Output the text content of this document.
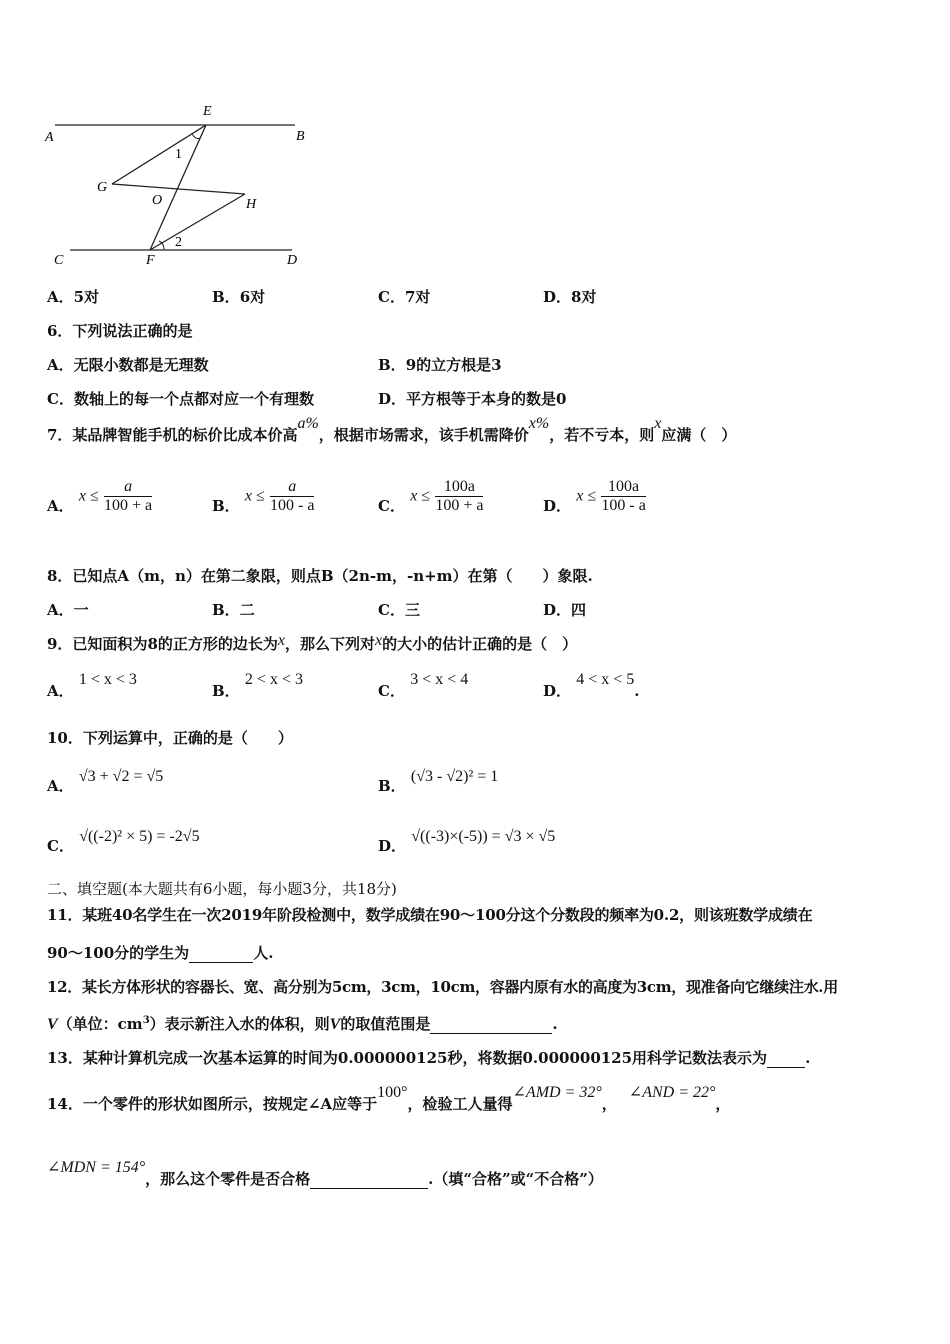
A	B
E
1
G
O	H
2
C	F	D
A．5对	B．6对	C．7对	D．8对
6．下列说法正确的是
A．无限小数都是无理数	B．9的立方根是3
C．数轴上的每一个点都对应一个有理数	D．平方根等于本身的数是0
7．某品牌智能手机的标价比成本价高a%，根据市场需求，该手机需降价x%，若不亏本，则x应满（　）
A． $x \le \frac{a}{100 + a}$	B． $x \le \frac{a}{100 - a}$	C． $x \le \frac{100a}{100 + a}$	D． $x \le \frac{100a}{100 - a}$
8．已知点A（m，n）在第二象限，则点B（2n-m，-n+m）在第（　　）象限.
A．一	B．二	C．三	D．四
9．已知面积为8的正方形的边长为x，那么下列对x的大小的估计正确的是（　）
A． 1 < x < 3
B． 2 < x < 3
C． 3 < x < 4
D． 4 < x < 5.
10．下列运算中，正确的是（　　）
A． √3 + √2 = √5
B． (√3 - √2)² = 1
C． √((-2)² × 5) = -2√5
D． √((-3)×(-5)) = √3 × √5
二、填空题(本大题共有6小题，每小题3分，共18分)
11．某班40名学生在一次2019年阶段检测中，数学成绩在90～100分这个分数段的频率为0.2，则该班数学成绩在
90～100分的学生为	人.
12．某长方体形状的容器长、宽、高分别为5cm，3cm，10cm，容器内原有水的高度为3cm，现准备向它继续注水.用
V（单位：$cm^3$）表示新注入水的体积，则V的取值范围是	.
13．某种计算机完成一次基本运算的时间为0.000000125秒，将数据0.000000125用科学记数法表示为	.
14．一个零件的形状如图所示，按规定∠A应等于100°，检验工人量得∠AMD = 32°，∠AND = 22°，
∠MDN = 154°，那么这个零件是否合格	.（填“合格”或“不合格”）
